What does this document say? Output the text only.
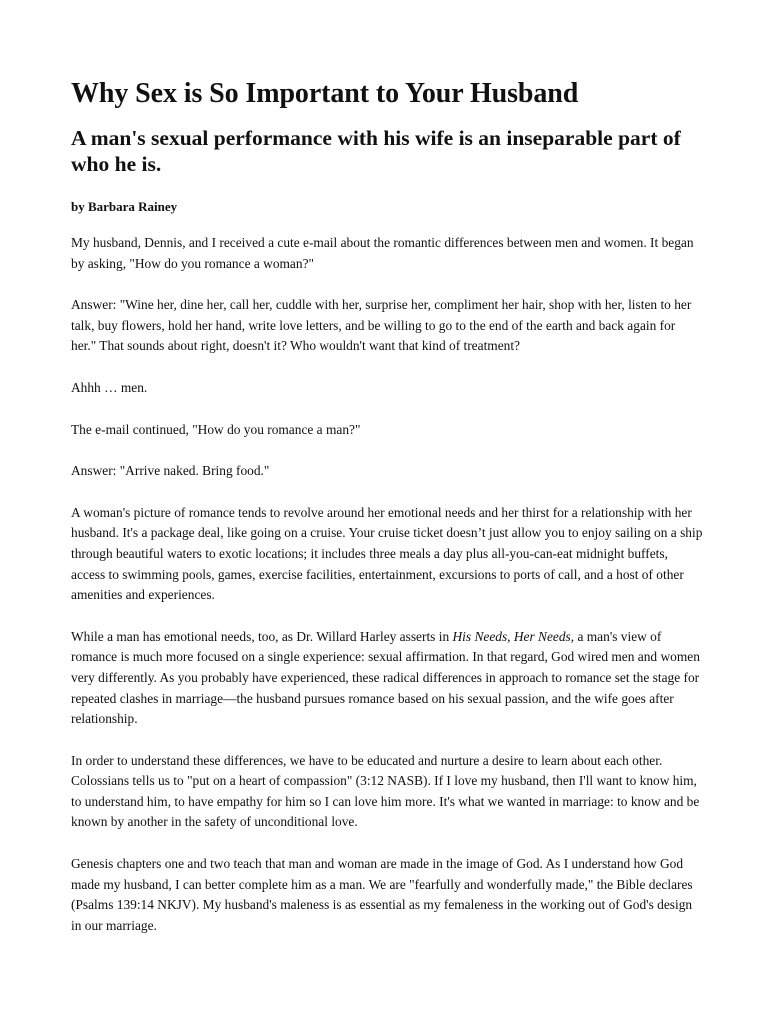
Why Sex is So Important to Your Husband
A man's sexual performance with his wife is an inseparable part of who he is.
by Barbara Rainey

My husband, Dennis, and I received a cute e-mail about the romantic differences between men and women. It began by asking, "How do you romance a woman?"

Answer: "Wine her, dine her, call her, cuddle with her, surprise her, compliment her hair, shop with her, listen to her talk, buy flowers, hold her hand, write love letters, and be willing to go to the end of the earth and back again for her." That sounds about right, doesn't it? Who wouldn't want that kind of treatment?

Ahhh … men.

The e-mail continued, "How do you romance a man?"

Answer: "Arrive naked. Bring food."

A woman's picture of romance tends to revolve around her emotional needs and her thirst for a relationship with her husband. It's a package deal, like going on a cruise. Your cruise ticket doesn’t just allow you to enjoy sailing on a ship through beautiful waters to exotic locations; it includes three meals a day plus all-you-can-eat midnight buffets, access to swimming pools, games, exercise facilities, entertainment, excursions to ports of call, and a host of other amenities and experiences.

While a man has emotional needs, too, as Dr. Willard Harley asserts in His Needs, Her Needs, a man's view of romance is much more focused on a single experience: sexual affirmation. In that regard, God wired men and women very differently. As you probably have experienced, these radical differences in approach to romance set the stage for repeated clashes in marriage—the husband pursues romance based on his sexual passion, and the wife goes after relationship.

In order to understand these differences, we have to be educated and nurture a desire to learn about each other. Colossians tells us to "put on a heart of compassion" (3:12 NASB). If I love my husband, then I'll want to know him, to understand him, to have empathy for him so I can love him more. It's what we wanted in marriage: to know and be known by another in the safety of unconditional love.

Genesis chapters one and two teach that man and woman are made in the image of God. As I understand how God made my husband, I can better complete him as a man. We are "fearfully and wonderfully made," the Bible declares (Psalms 139:14 NKJV). My husband's maleness is as essential as my femaleness in the working out of God's design in our marriage.
